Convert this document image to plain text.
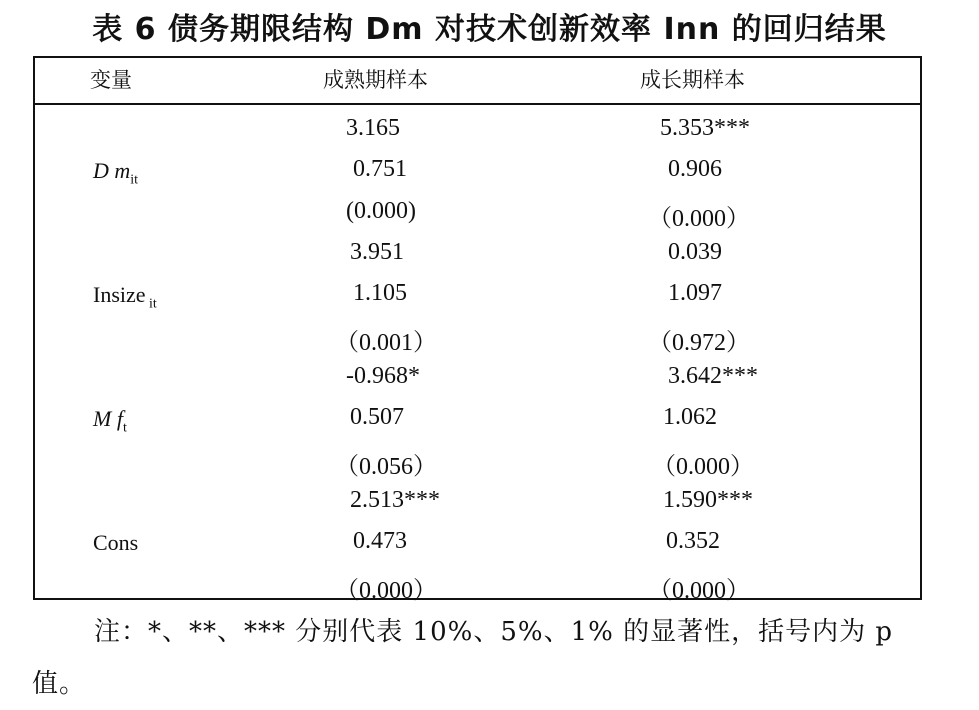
表 6 债务期限结构 Dm 对技术创新效率 Inn 的回归结果
变量	成熟期样本	成长期样本
D $m_{it}$
3.165
0.751
(0.000)
5.353***
0.906
（0.000）
Insize $_{it}$
3.951
1.105
（0.001）
0.039
1.097
（0.972）
M $f_t$
-0.968*
0.507
（0.056）
3.642***
1.062
（0.000）
Cons
2.513***
0.473
（0.000）
1.590***
0.352
（0.000）
注：*、**、*** 分别代表 10%、5%、1% 的显著性，括号内为 p 值。
